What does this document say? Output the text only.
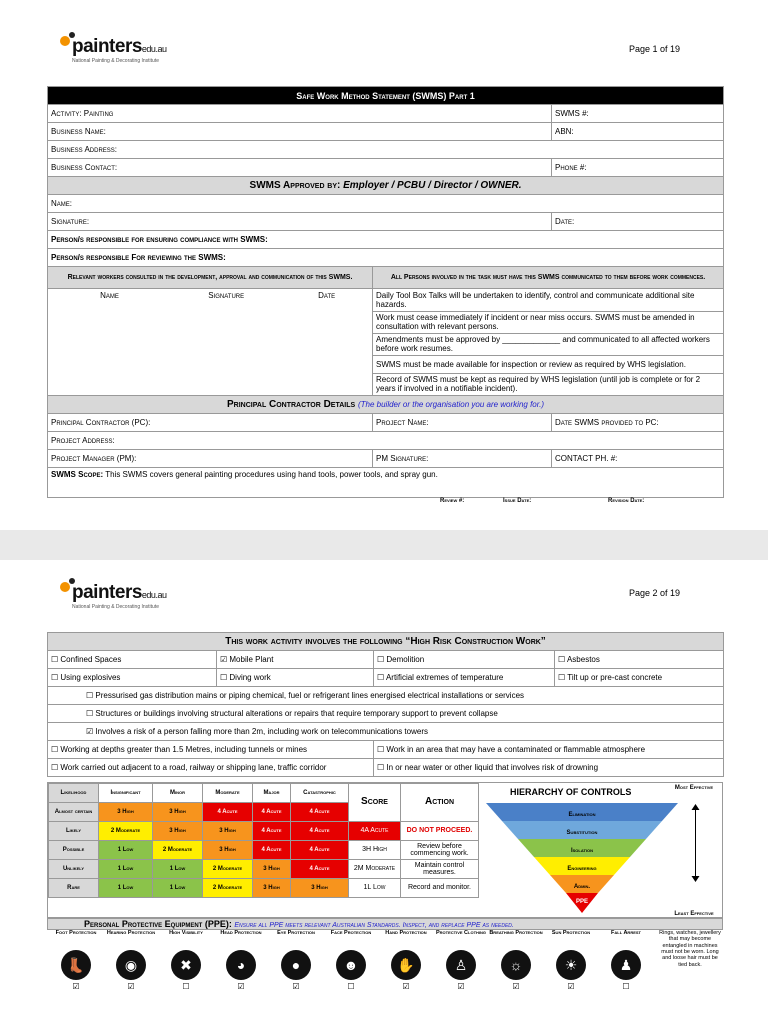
paintersedu.au
National Painting & Decorating Institute
Page 1 of 19
Safe Work Method Statement (SWMS) Part 1		
Activity: Painting		SWMS #:
Business Name:		ABN:
Business Address:		
Business Contact:		Phone #:
SWMS Approved by: Employer / PCBU / Director / OWNER.		
Name:		
Signature:		Date:
Person/s responsible for ensuring compliance with SWMS:		
Person/s responsible For reviewing the SWMS:		
Relevant workers consulted in the development, approval and communication of this SWMS.	All Persons involved in the task must have this SWMS communicated to them before work commences.	

Name Signature Date	Daily Tool Box Talks will be undertaken to identify, control and communicate additional site hazards.	
	Work must cease immediately if incident or near miss occurs. SWMS must be amended in consultation with relevant persons.	
	Amendments must be approved by _____________ and communicated to all affected workers before work resumes.	
	SWMS must be made available for inspection or review as required by WHS legislation.	
	Record of SWMS must be kept as required by WHS legislation (until job is complete or for 2 years if involved in a notifiable incident).	
Principal Contractor Details (The builder or the organisation you are working for.)		
Principal Contractor (PC):	Project Name:	Date SWMS provided to PC:
Project Address:		
Project Manager (PM):	PM Signature:	CONTACT PH. #:
SWMS Scope: This SWMS covers general painting procedures using hand tools, power tools, and spray gun.		
Review #:	Issue Date:	Revision Date:
paintersedu.au
National Painting & Decorating Institute
Page 2 of 19
This work activity involves the following “High Risk Construction Work”			
☐ Confined Spaces	☑ Mobile Plant	☐ Demolition	☐ Asbestos
☐ Using explosives	☐ Diving work	☐ Artificial extremes of temperature	☐ Tilt up or pre-cast concrete
☐ Pressurised gas distribution mains or piping chemical, fuel or refrigerant lines energised electrical installations or services			
☐ Structures or buildings involving structural alterations or repairs that require temporary support to prevent collapse			
☑ Involves a risk of a person falling more than 2m, including work on telecommunications towers			
☐ Working at depths greater than 1.5 Metres, including tunnels or mines		☐ Work in an area that may have a contaminated or flammable atmosphere	
☐ Work carried out adjacent to a road, railway or shipping lane, traffic corridor		☐ In or near water or other liquid that involves risk of drowning	
Likelihood	Insignificant	Minor	Moderate	Major	Catastrophic
Almost certain	3 High	3 High	4 Acute	4 Acute	4 Acute
Likely	2 Moderate	3 High	3 High	4 Acute	4 Acute
Possible	1 Low	2 Moderate	3 High	4 Acute	4 Acute
Unlikely	1 Low	1 Low	2 Moderate	3 High	4 Acute
Rare	1 Low	1 Low	2 Moderate	3 High	3 High
Score	Action
4A Acute	DO NOT PROCEED.
3H High	Review before commencing work.
2M Moderate	Maintain control measures.
1L Low	Record and monitor.
HIERARCHY OF CONTROLS	Most Effective
Least Effective
Elimination
Substitution
Isolation
Engineering
Admin.
PPE
Personal Protective Equipment (PPE): Ensure all PPE meets relevant Australian Standards. Inspect, and replace PPE as needed.
Foot Protection
👢
☑
Hearing Protection
◉
☑
High Visibility
✖
☐
Head Protection
◕
☑
Eye Protection
●
☑
Face Protection
☻
☐
Hand Protection
✋
☑
Protective Clothing
♙
☑
Breathing Protection
☼
☑
Sun Protection
☀
☑
Fall Arrest
♟
☐
Rings, watches, jewellery that may become entangled in machines must not be worn. Long and loose hair must be tied back.
